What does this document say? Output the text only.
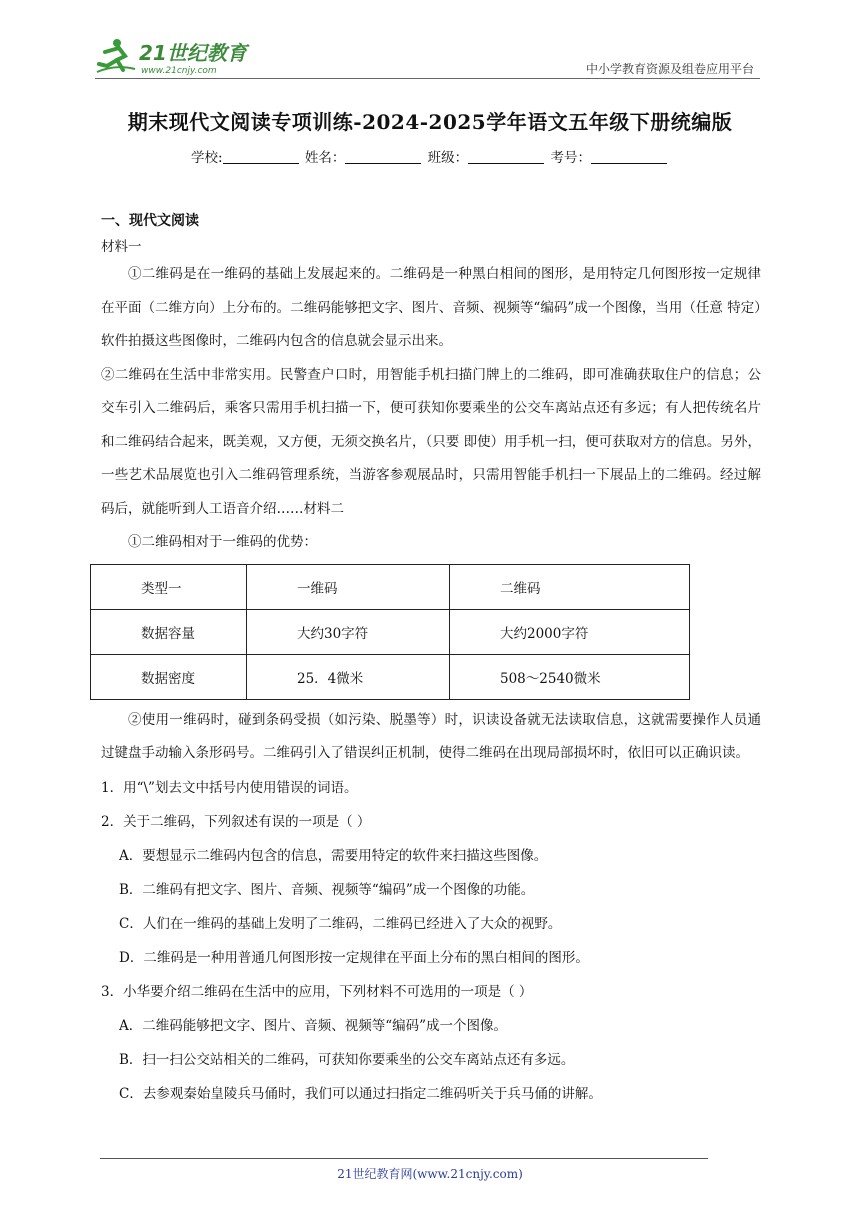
21世纪教育
www.21cnjy.com	中小学教育资源及组卷应用平台
期末现代文阅读专项训练-2024-2025学年语文五年级下册统编版
学校:	姓名：	班级：	考号：
一、现代文阅读
材料一

①二维码是在一维码的基础上发展起来的。二维码是一种黑白相间的图形，是用特定几何图形按一定规律在平面（二维方向）上分布的。二维码能够把文字、图片、音频、视频等“编码”成一个图像，当用（任意 特定）软件拍摄这些图像时，二维码内包含的信息就会显示出来。

②二维码在生活中非常实用。民警查户口时，用智能手机扫描门牌上的二维码，即可准确获取住户的信息；公交车引入二维码后，乘客只需用手机扫描一下，便可获知你要乘坐的公交车离站点还有多远；有人把传统名片和二维码结合起来，既美观，又方便，无须交换名片，（只要 即使）用手机一扫，便可获取对方的信息。另外，一些艺术品展览也引入二维码管理系统，当游客参观展品时，只需用智能手机扫一下展品上的二维码。经过解码后，就能听到人工语音介绍……材料二

①二维码相对于一维码的优势：

类型一	一维码	二维码
数据容量	大约30字符	大约2000字符
数据密度	25．4微米	508～2540微米

②使用一维码时，碰到条码受损（如污染、脱墨等）时，识读设备就无法读取信息，这就需要操作人员通过键盘手动输入条形码号。二维码引入了错误纠正机制，使得二维码在出现局部损坏时，依旧可以正确识读。

1．用“\”划去文中括号内使用错误的词语。
2．关于二维码，下列叙述有误的一项是（ ）
A．要想显示二维码内包含的信息，需要用特定的软件来扫描这些图像。
B．二维码有把文字、图片、音频、视频等“编码”成一个图像的功能。
C．人们在一维码的基础上发明了二维码，二维码已经进入了大众的视野。
D．二维码是一种用普通几何图形按一定规律在平面上分布的黑白相间的图形。
3．小华要介绍二维码在生活中的应用，下列材料不可选用的一项是（ ）
A．二维码能够把文字、图片、音频、视频等“编码”成一个图像。
B．扫一扫公交站相关的二维码，可获知你要乘坐的公交车离站点还有多远。
C．去参观秦始皇陵兵马俑时，我们可以通过扫指定二维码听关于兵马俑的讲解。
21世纪教育网(www.21cnjy.com)
